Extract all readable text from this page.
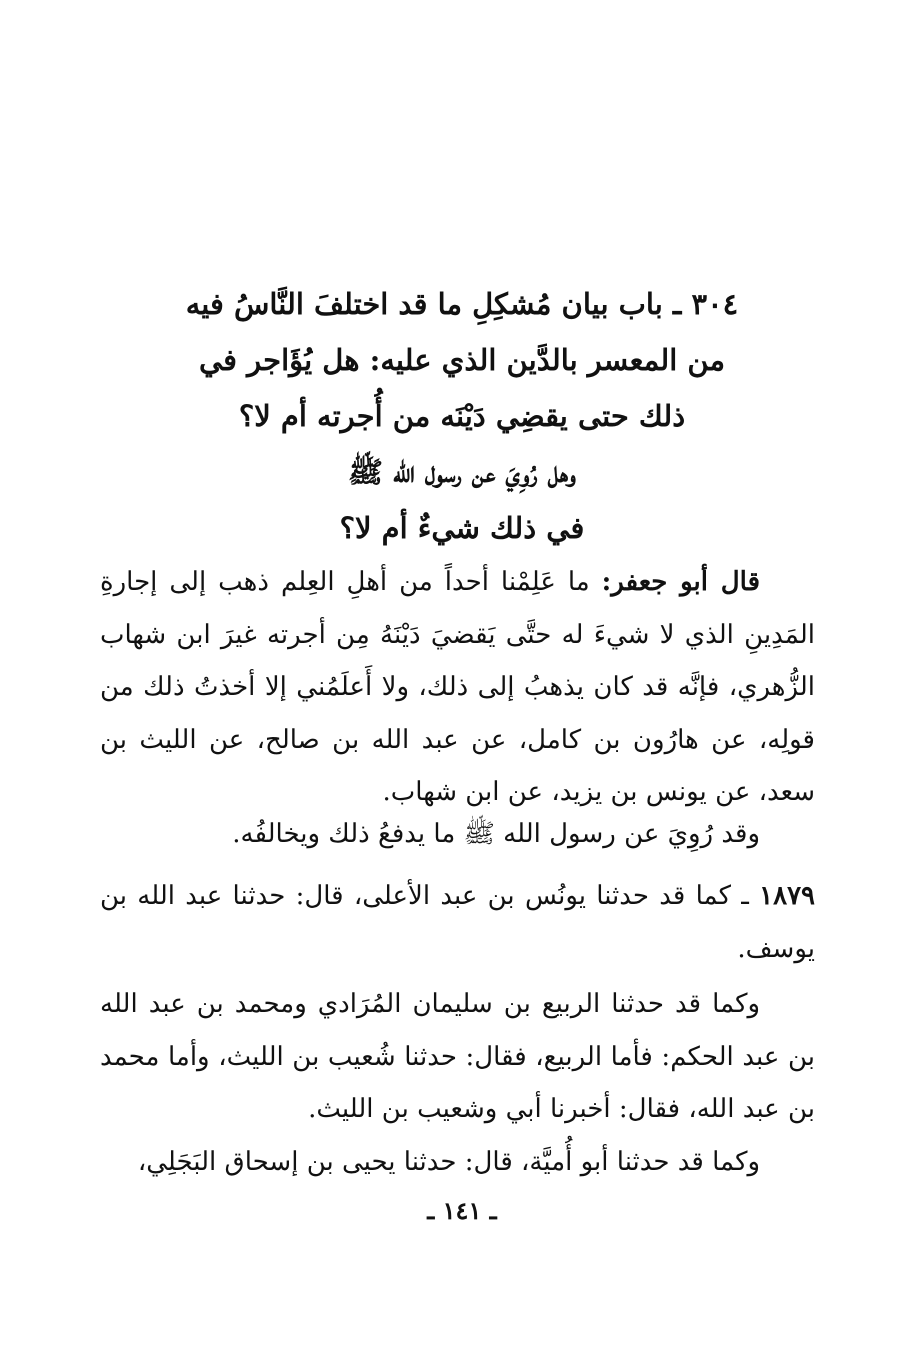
٣٠٤ ـ باب بيان مُشكِلِ ما قد اختلفَ النَّاسُ فيه
من المعسر بالدَّين الذي عليه: هل يُؤَاجر في
ذلك حتى يقضِي دَيْنَه من أُجرته أم لا؟
وهل رُوِيَ عن رسول الله ﷺ
في ذلك شيءٌ أم لا؟

قال أبو جعفر: ما عَلِمْنا أحداً من أهلِ العِلم ذهب إلى إجارةِ المَدِينِ الذي لا شيءَ له حتَّى يَقضيَ دَيْنَهُ مِن أجرته غيرَ ابن شهاب الزُّهري، فإنَّه قد كان يذهبُ إلى ذلك، ولا أَعلَمُني إلا أخذتُ ذلك من قولِه، عن هارُون بن كامل، عن عبد الله بن صالح، عن الليث بن سعد، عن يونس بن يزيد، عن ابن شهاب.

وقد رُوِيَ عن رسول الله ﷺ ما يدفعُ ذلك ويخالفُه.

١٨٧٩ ـ كما قد حدثنا يونُس بن عبد الأعلى، قال: حدثنا عبد الله بن يوسف.

وكما قد حدثنا الربيع بن سليمان المُرَادي ومحمد بن عبد الله بن عبد الحكم: فأما الربيع، فقال: حدثنا شُعيب بن الليث، وأما محمد بن عبد الله، فقال: أخبرنا أبي وشعيب بن الليث.

وكما قد حدثنا أبو أُميَّة، قال: حدثنا يحيى بن إسحاق البَجَلِي،

ـ ١٤١ ـ
